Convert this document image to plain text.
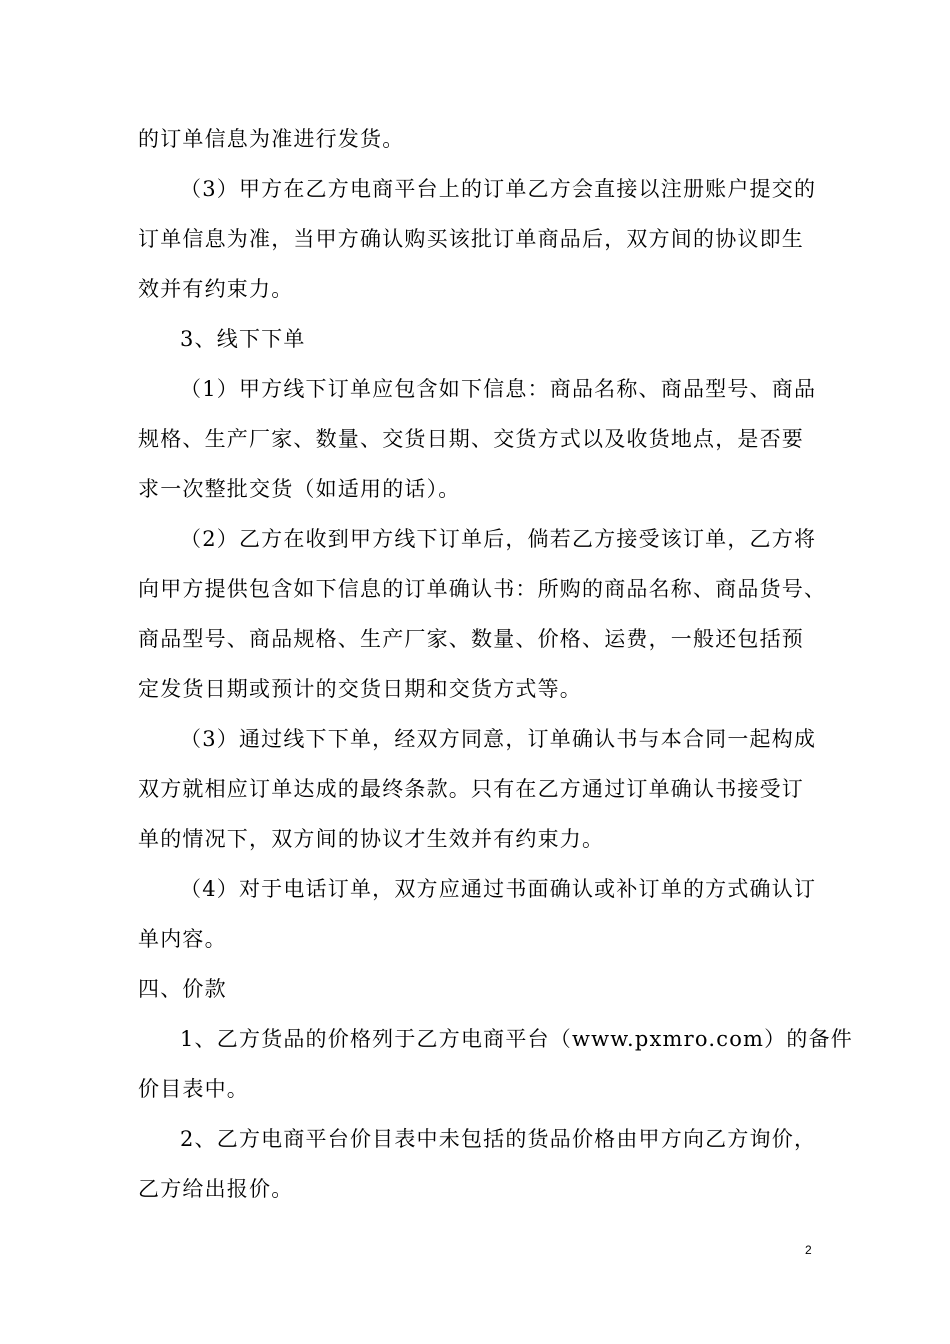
的订单信息为准进行发货。
（3）甲方在乙方电商平台上的订单乙方会直接以注册账户提交的
订单信息为准，当甲方确认购买该批订单商品后，双方间的协议即生
效并有约束力。
3、线下下单
（1）甲方线下订单应包含如下信息：商品名称、商品型号、商品
规格、生产厂家、数量、交货日期、交货方式以及收货地点，是否要
求一次整批交货（如适用的话）。
（2）乙方在收到甲方线下订单后，倘若乙方接受该订单，乙方将
向甲方提供包含如下信息的订单确认书：所购的商品名称、商品货号、
商品型号、商品规格、生产厂家、数量、价格、运费，一般还包括预
定发货日期或预计的交货日期和交货方式等。
（3）通过线下下单，经双方同意，订单确认书与本合同一起构成
双方就相应订单达成的最终条款。只有在乙方通过订单确认书接受订
单的情况下，双方间的协议才生效并有约束力。
（4）对于电话订单，双方应通过书面确认或补订单的方式确认订
单内容。
四、价款
1、乙方货品的价格列于乙方电商平台（www.pxmro.com）的备件
价目表中。
2、乙方电商平台价目表中未包括的货品价格由甲方向乙方询价，
乙方给出报价。
2
